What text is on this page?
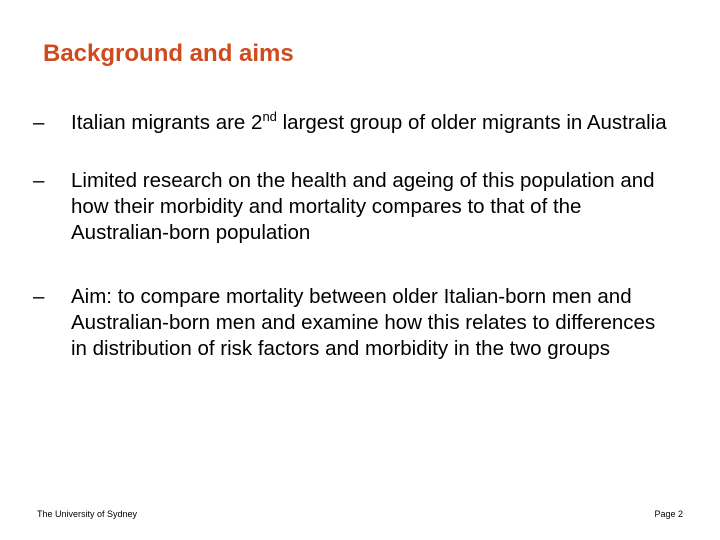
Background and aims
– Italian migrants are 2nd largest group of older migrants in Australia
– Limited research on the health and ageing of this population and how their morbidity and mortality compares to that of the Australian-born population
– Aim: to compare mortality between older Italian-born men and Australian-born men and examine how this relates to differences in distribution of risk factors and morbidity in the two groups
The University of Sydney	Page 2
